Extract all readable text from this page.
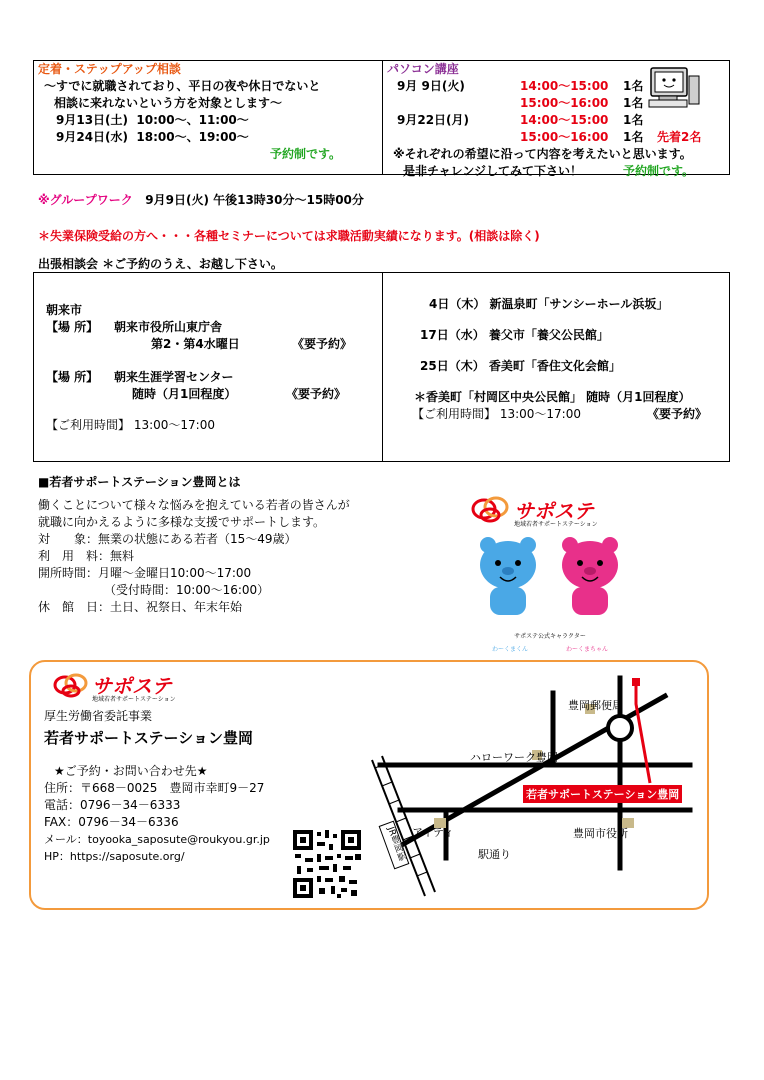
定着・ステップアップ相談
～すでに就職されており、平日の夜や休日でないと
相談に来れないという方を対象とします～
9月13日(土) 10:00～、11:00～
9月24日(水) 18:00～、19:00～
予約制です。
パソコン講座
9月 9日(火)	14:00～15:00 1名
15:00～16:00 1名
9月22日(月)	14:00～15:00 1名
15:00～16:00 1名 先着2名
※それぞれの希望に沿って内容を考えたいと思います。
是非チャレンジしてみて下さい！	予約制です。
※グループワーク 9月9日(火) 午後13時30分～15時00分
＊失業保険受給の方へ・・・各種セミナーについては求職活動実績になります。(相談は除く)
出張相談会 ＊ご予約のうえ、お越し下さい。
朝来市
【場 所】 朝来市役所山東庁舎
第2・第4水曜日	《要予約》
【場 所】 朝来生涯学習センター
随時（月1回程度）	《要予約》
【ご利用時間】 13:00～17:00
4日（木） 新温泉町「サンシーホール浜坂」
17日（水） 養父市「養父公民館」
25日（木） 香美町「香住文化会館」
＊香美町「村岡区中央公民館」 随時（月1回程度）
【ご利用時間】 13:00～17:00	《要予約》
■若者サポートステーション豊岡とは
働くことについて様々な悩みを抱えている若者の皆さんが
就職に向かえるように多様な支援でサポートします。
対　　象：無業の状態にある若者（15～49歳）
利　用　料：無料
開所時間：月曜～金曜日10:00～17:00
（受付時間：10:00～16:00）
休　館　日：土日、祝祭日、年末年始
サポステ
地域若者サポートステーション
サポステ公式キャラクター
わーくまくん	わーくまちゃん
サポステ
地域若者サポートステーション
厚生労働省委託事業
若者サポートステーション豊岡
★ご予約・お問い合わせ先★
住所：〒668－0025　豊岡市幸町9－27
電話：0796－34－6333
FAX：0796－34－6336
メール：toyooka_saposute@roukyou.gr.jp
HP：https://saposute.org/
豊岡郵便局
ハローワーク豊岡
若者サポートステーション豊岡
アイティ	豊岡市役所
駅通り
JR豊岡駅
